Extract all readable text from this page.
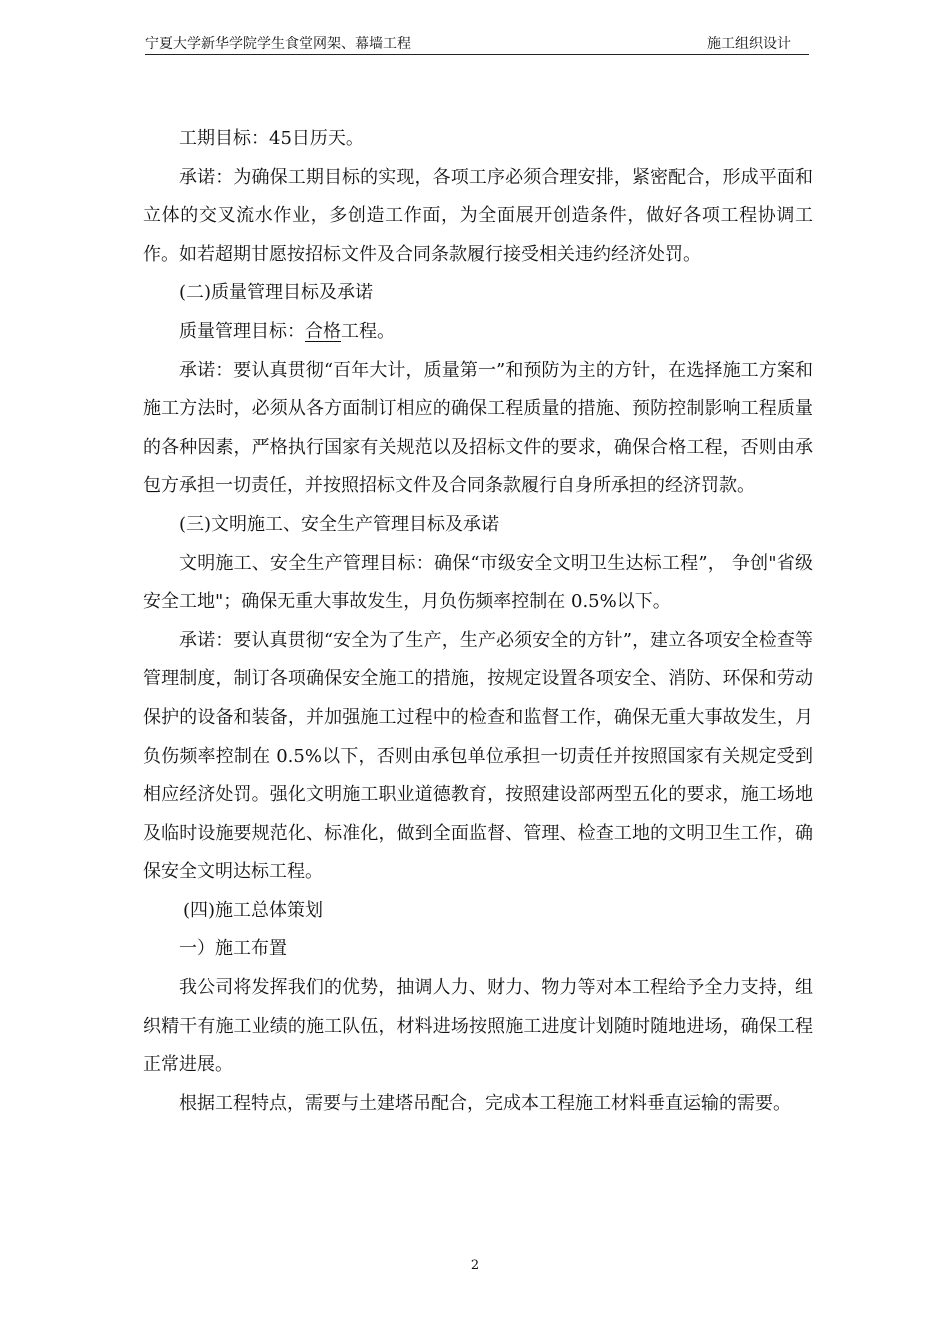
宁夏大学新华学院学生食堂网架、幕墙工程	施工组织设计

工期目标：45日历天。

承诺：为确保工期目标的实现，各项工序必须合理安排，紧密配合，形成平面和立体的交叉流水作业，多创造工作面，为全面展开创造条件，做好各项工程协调工作。如若超期甘愿按招标文件及合同条款履行接受相关违约经济处罚。

(二)质量管理目标及承诺

质量管理目标：合格工程。

承诺：要认真贯彻“百年大计，质量第一”和预防为主的方针，在选择施工方案和施工方法时，必须从各方面制订相应的确保工程质量的措施、预防控制影响工程质量的各种因素，严格执行国家有关规范以及招标文件的要求，确保合格工程，否则由承包方承担一切责任，并按照招标文件及合同条款履行自身所承担的经济罚款。

(三)文明施工、安全生产管理目标及承诺

文明施工、安全生产管理目标：确保“市级安全文明卫生达标工程”， 争创"省级安全工地"；确保无重大事故发生，月负伤频率控制在 0.5%以下。

承诺：要认真贯彻“安全为了生产，生产必须安全的方针”，建立各项安全检查等管理制度，制订各项确保安全施工的措施，按规定设置各项安全、消防、环保和劳动保护的设备和装备，并加强施工过程中的检查和监督工作，确保无重大事故发生，月负伤频率控制在 0.5%以下，否则由承包单位承担一切责任并按照国家有关规定受到相应经济处罚。强化文明施工职业道德教育，按照建设部两型五化的要求，施工场地及临时设施要规范化、标准化，做到全面监督、管理、检查工地的文明卫生工作，确保安全文明达标工程。

(四)施工总体策划

一）施工布置

我公司将发挥我们的优势，抽调人力、财力、物力等对本工程给予全力支持，组织精干有施工业绩的施工队伍，材料进场按照施工进度计划随时随地进场，确保工程正常进展。

根据工程特点，需要与土建塔吊配合，完成本工程施工材料垂直运输的需要。

2
